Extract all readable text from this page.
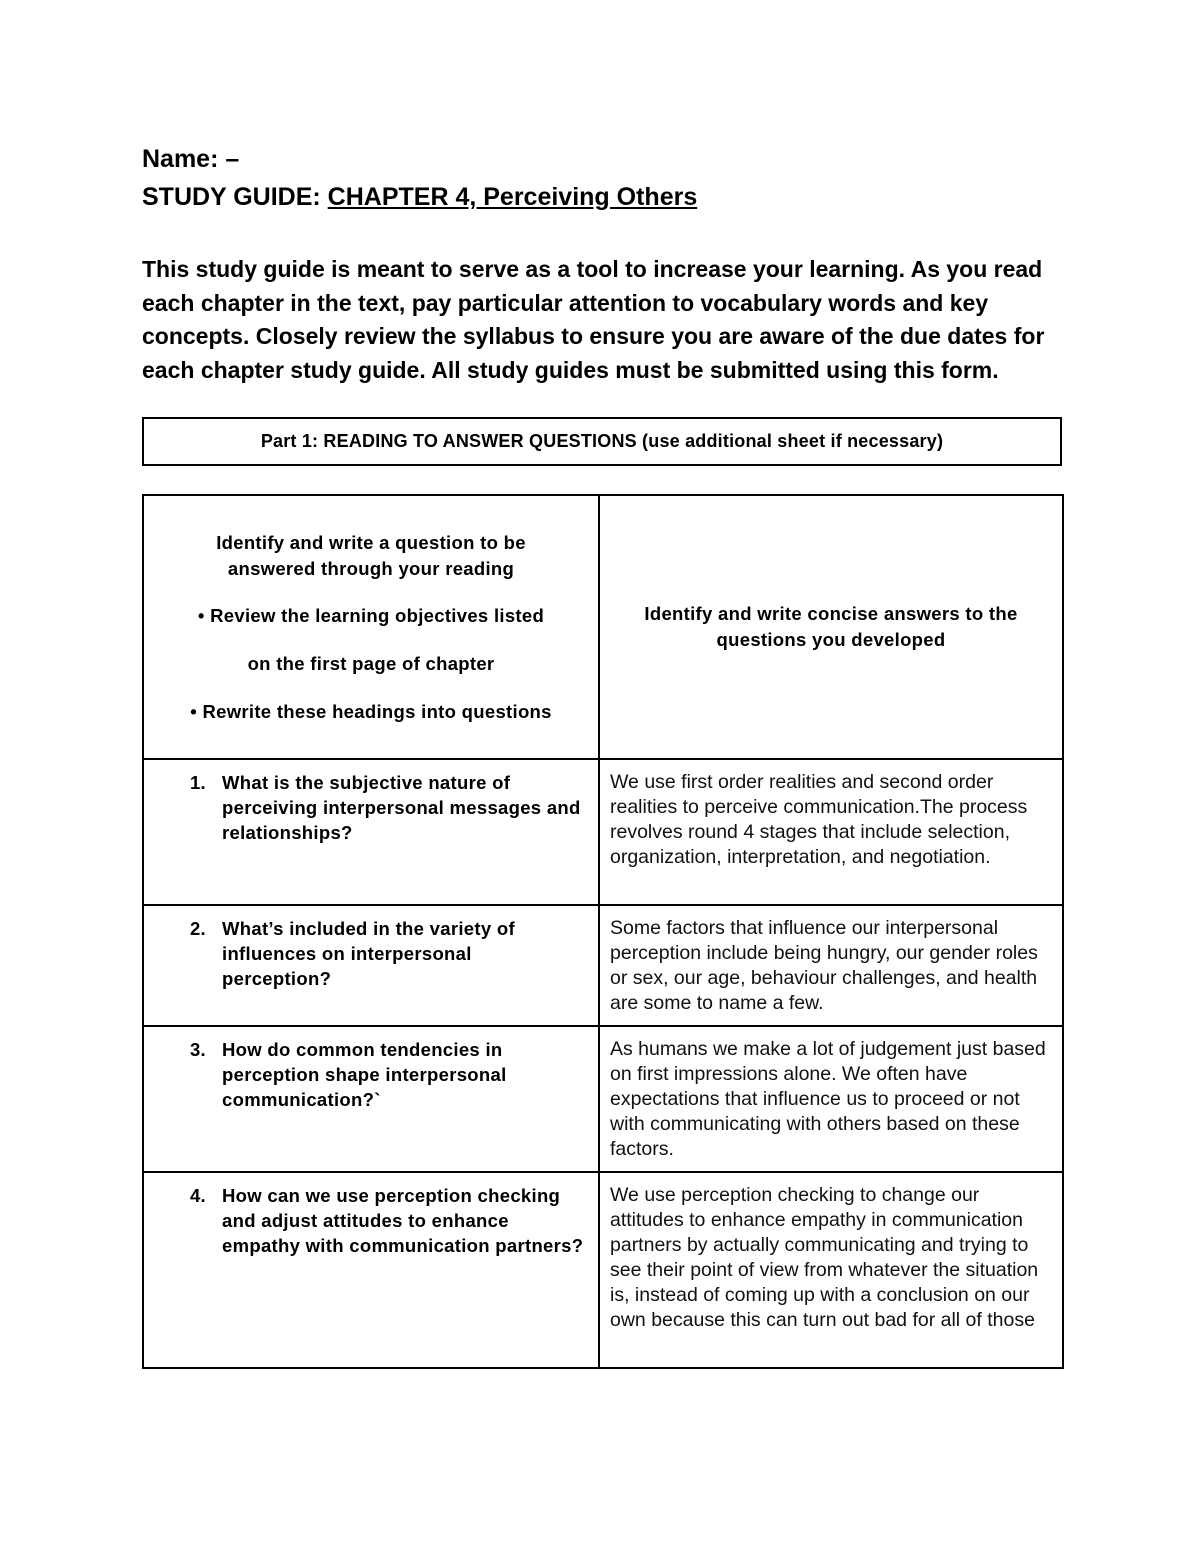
Name: –

STUDY GUIDE: CHAPTER 4, Perceiving Others

This study guide is meant to serve as a tool to increase your learning. As you read each chapter in the text, pay particular attention to vocabulary words and key concepts. Closely review the syllabus to ensure you are aware of the due dates for each chapter study guide. All study guides must be submitted using this form.
Part 1: READING TO ANSWER QUESTIONS (use additional sheet if necessary)
Identify and write a question to be
answered through your reading
• Review the learning objectives listed
on the first page of chapter
• Rewrite these headings into questions	Identify and write concise answers to the questions you developed

1. What is the subjective nature of perceiving interpersonal messages and relationships?	We use first order realities and second order realities to perceive communication.The process revolves round 4 stages that include selection, organization, interpretation, and negotiation.

2. What’s included in the variety of influences on interpersonal perception?	Some factors that influence our interpersonal perception include being hungry, our gender roles or sex, our age, behaviour challenges, and health are some to name a few.

3. How do common tendencies in perception shape interpersonal communication?`	As humans we make a lot of judgement just based on first impressions alone. We often have expectations that influence us to proceed or not with communicating with others based on these factors.

4. How can we use perception checking and adjust attitudes to enhance empathy with communication partners?	We use perception checking to change our attitudes to enhance empathy in communication partners by actually communicating and trying to see their point of view from whatever the situation is, instead of coming up with a conclusion on our own because this can turn out bad for all of those
